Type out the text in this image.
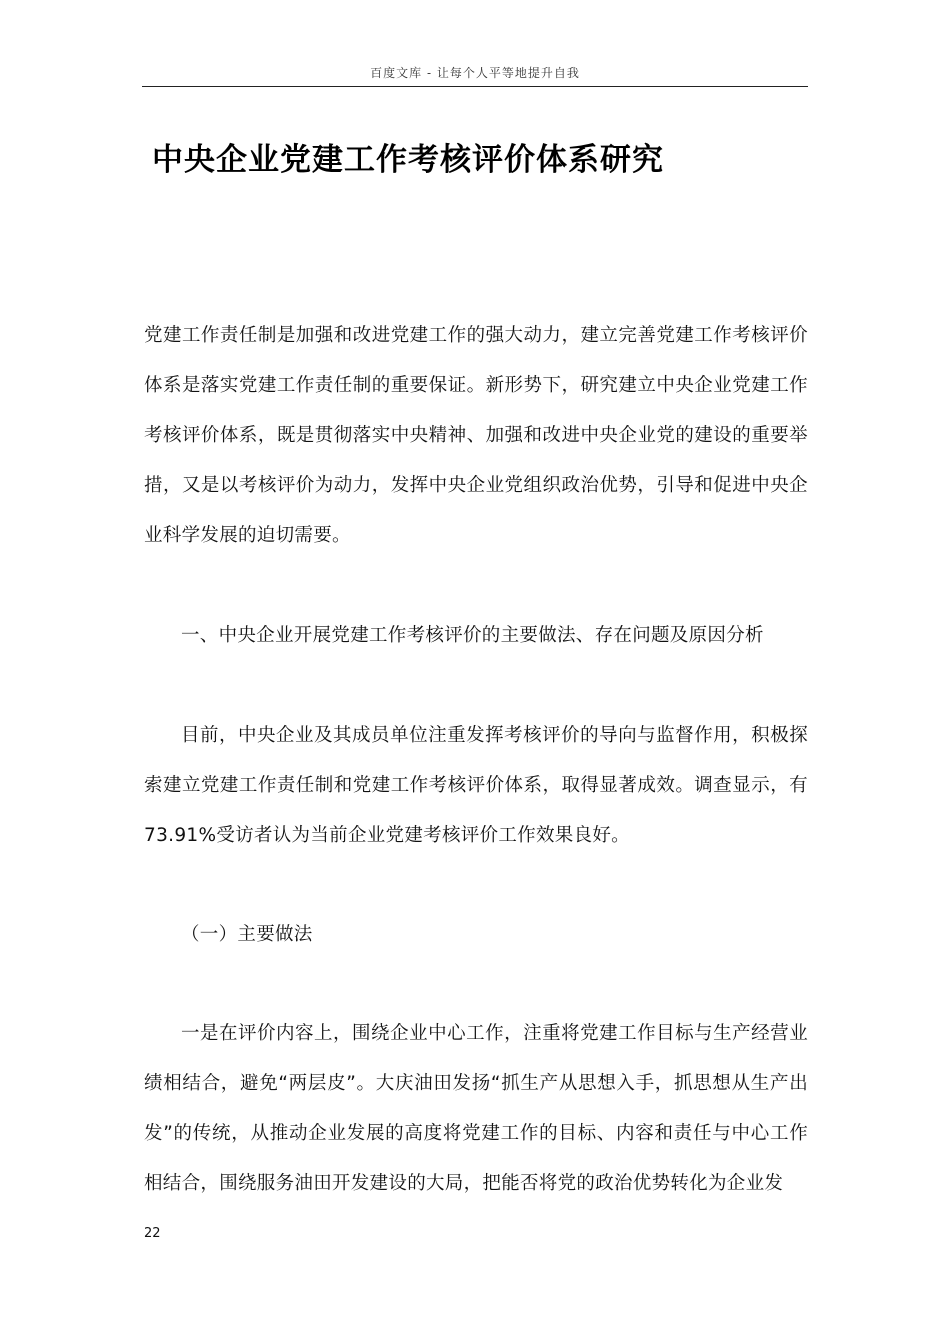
百度文库 - 让每个人平等地提升自我
中央企业党建工作考核评价体系研究

党建工作责任制是加强和改进党建工作的强大动力，建立完善党建工作考核评价体系是落实党建工作责任制的重要保证。新形势下，研究建立中央企业党建工作考核评价体系，既是贯彻落实中央精神、加强和改进中央企业党的建设的重要举措，又是以考核评价为动力，发挥中央企业党组织政治优势，引导和促进中央企业科学发展的迫切需要。

一、中央企业开展党建工作考核评价的主要做法、存在问题及原因分析

目前，中央企业及其成员单位注重发挥考核评价的导向与监督作用，积极探索建立党建工作责任制和党建工作考核评价体系，取得显著成效。调查显示，有73.91%受访者认为当前企业党建考核评价工作效果良好。

（一）主要做法

一是在评价内容上，围绕企业中心工作，注重将党建工作目标与生产经营业绩相结合，避免“两层皮”。大庆油田发扬“抓生产从思想入手，抓思想从生产出发”的传统，从推动企业发展的高度将党建工作的目标、内容和责任与中心工作相结合，围绕服务油田开发建设的大局，把能否将党的政治优势转化为企业发

22
